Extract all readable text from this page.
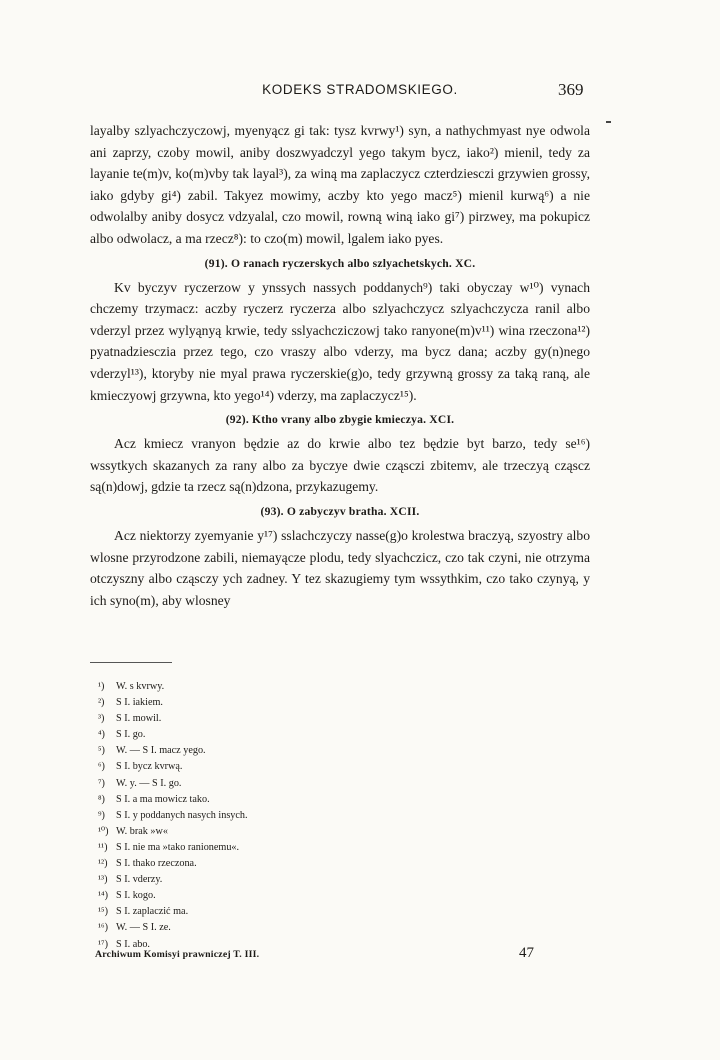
KODEKS STRADOMSKIEGO.	369

layalby szlyachczyczowj, myenyącz gi tak: tysz kvrwy¹) syn, a nathychmyast nye odwola ani zaprzy, czoby mowil, aniby doszwyadczyl yego takym bycz, iako²) mienil, tedy za layanie te(m)v, ko(m)vby tak layal³), za winą ma zaplaczycz czterdziesczi grzywien grossy, iako gdyby gi⁴) zabil. Takyez mowimy, aczby kto yego macz⁵) mienil kurwą⁶) a nie odwolalby aniby dosycz vdzyalal, czo mowil, rowną winą iako gi⁷) pirzwey, ma pokupicz albo odwolacz, a ma rzecz⁸): to czo(m) mowil, lgalem iako pyes.

(91). O ranach ryczerskych albo szlyachetskych. XC.

Kv byczyv ryczerzow y ynssych nassych poddanych⁹) taki obyczay w¹⁰) vynach chczemy trzymacz: aczby ryczerz ryczerza albo szlyachczycz szlyachczycza ranil albo vderzyl przez wylyąnyą krwie, tedy sslyachcziczowj tako ranyone(m)v¹¹) wina rzeczona¹²) pyatnadziesczia przez tego, czo vraszy albo vderzy, ma bycz dana; aczby gy(n)nego vderzyl¹³), ktoryby nie myal prawa ryczerskie(g)o, tedy grzywną grossy za taką raną, ale kmieczyowj grzywna, kto yego¹⁴) vderzy, ma zaplaczycz¹⁵).

(92). Ktho vrany albo zbygie kmieczya. XCI.

Acz kmiecz vranyon będzie az do krwie albo tez będzie byt barzo, tedy se¹⁶) wssytkych skazanych za rany albo za byczye dwie cząsczi zbitemv, ale trzeczyą cząscz są(n)dowj, gdzie ta rzecz są(n)dzona, przykazugemy.

(93). O zabyczyv bratha. XCII.

Acz niektorzy zyemyanie y¹⁷) sslachczyczy nasse(g)o krolestwa braczyą, szyostry albo wlosne przyrodzone zabili, niemayącze plodu, tedy slyachczicz, czo tak czyni, nie otrzyma otczyszny albo cząsczy ych zadney. Y tez skazugiemy tym wssythkim, czo tako czynyą, y ich syno(m), aby wlosney

¹) W. s kvrwy.
²) S I. iakiem.
³) S I. mowil.
⁴) S I. go.
⁵) W. — S I. macz yego.
⁶) S I. bycz kvrwą.
⁷) W. y. — S I. go.
⁸) S I. a ma mowicz tako.
⁹) S I. y poddanych nasych insych.
¹⁰) W. brak »w«
¹¹) S I. nie ma »tako ranionemu«.
¹²) S I. thako rzeczona.
¹³) S I. vderzy.
¹⁴) S I. kogo.
¹⁵) S I. zaplaczić ma.
¹⁶) W. — S I. ze.
¹⁷) S I. abo.
Archiwum Komisyi prawniczej T. III.	47
